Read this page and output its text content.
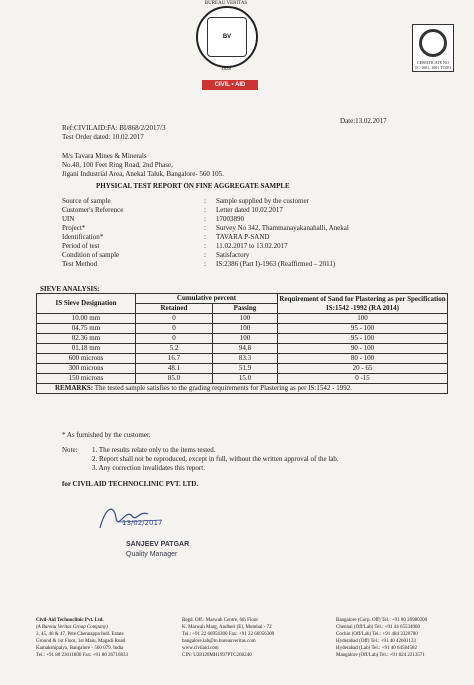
BV
BUREAU VERITAS
1828
CIVIL • AID
CERTIFICATE NO
TC-1001, 1001 TC001
Ref:CIVILAID:FA: BI/868/2/2017/3
Test Order dated: 10.02.2017
Date:13.02.2017
M/s Tavara Mines & Minerals
No.48, 100 Feet Ring Road, 2nd Phase,
Jigani Industrial Area, Anekal Taluk, Bangalore- 560 105.
PHYSICAL TEST REPORT ON FINE AGGREGATE SAMPLE
Source of sample	:	Sample supplied by the customer
Customer's Reference	:	Letter dated 10.02.2017
UIN	:	17003890
Project*	:	Survey No 342, Thammanayakanahalli, Anekal
Identification*	:	TAVARA P-SAND
Period of test	:	11.02.2017 to 13.02.2017
Condition of sample	:	Satisfactory
Test Method	:	IS:2386 (Part I)-1963 (Reaffirmed – 2011)
SIEVE ANALYSIS:
IS Sieve Designation	Cumulative percent		Requirement of Sand for Plastering as per Specification IS:1542 -1992 (RA 2014)
	Retained	Passing	
10.00 mm	0	100	100
04.75 mm	0	100	95 - 100
02.36 mm	0	100	95 - 100
01.18 mm	5.2	94.8	90 - 100
600 microns	16.7	83.3	80 - 100
300 microns	48.1	51.9	20 - 65
150 microns	85.0	15.0	0 -15
REMARKS: The tested sample satisfies to the grading requirements for Plastering as per IS:1542 - 1992.			
* As furnished by the customer.
Note: 1. The results relate only to the items tested.
2. Report shall not be reproduced, except in full, without the written approval of the lab.
3. Any correction invalidates this report.
for CIVIL AID TECHNOCLINIC PVT. LTD.
13/02/2017
SANJEEV PATGAR
Quality Manager
Civil-Aid Technoclinic Pvt. Ltd.
(A Bureau Veritas Group Company)
3, 45, 46 & 47, Pete Chennappa Indl. Estate
Ground & 1st Floor, 1st Main, Magadi Road
Kamakshipalya, Bangalore - 560 079. India
Tel.: +91 80 23011800 Fax: +91 80 26716833
Regd. Off.: Marwah Centre, 6th Floor
K. Marwah Marg, Andheri (E), Mumbai - 72
Tel.: +91 22 66956300 Fax: +91 22 66956309
bangalore.lab@in.bureauveritas.com
www.civilaid.com
CIN: U28120MH1997PTC260240
Bangalore (Corp. Off) Tel.: +91 80 26980200
Chennai (Off/Lab) Tel.: +91 44 65534060
Cochin (Off/Lab) Tel.: +91 484 3320700
Hyderabad (Off) Tel.: +91 40 42601133
Hyderabad (Lab) Tel.: +91 40 64584582
Mangalore (Off/Lab) Tel.: +91 824 2213571
